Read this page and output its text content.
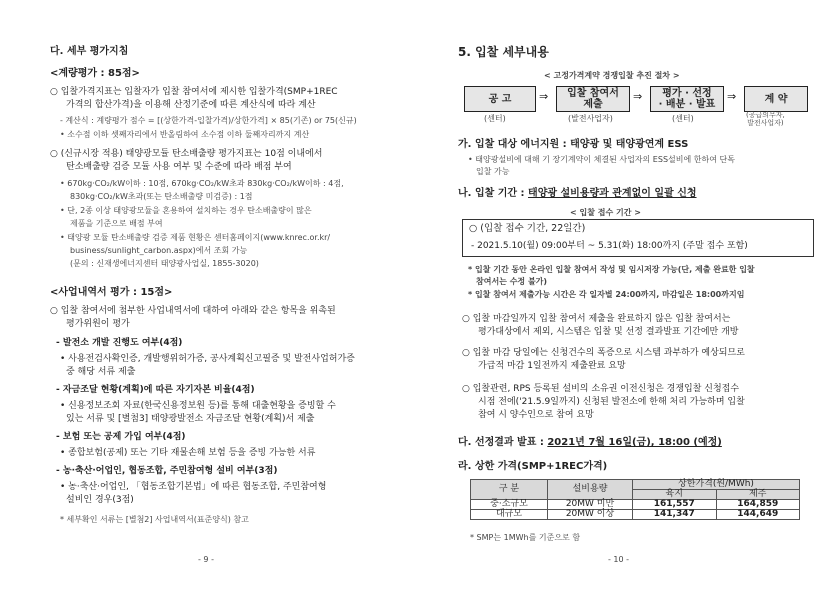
다. 세부 평가지침
<계량평가 : 85점>
○ 입찰가격지표는 입찰자가 입찰 참여서에 제시한 입찰가격(SMP+1REC
가격의 합산가격)을 이용해 산정기준에 따른 계산식에 따라 계산
- 계산식 : 계량평가 점수 = [(상한가격-입찰가격)/상한가격] × 85(기존) or 75(신규)
• 소수점 이하 셋째자리에서 반올림하여 소수점 이하 둘째자리까지 계산
○ (신규시장 적용) 태양광모듈 탄소배출량 평가지표는 10점 이내에서
탄소배출량 검증 모듈 사용 여부 및 수준에 따라 배점 부여
• 670kg·CO₂/kW이하 : 10점, 670kg·CO₂/kW초과 830kg·CO₂/kW이하 : 4점,
830kg·CO₂/kW초과(또는 탄소배출량 미검증) : 1점
• 단, 2종 이상 태양광모듈을 혼용하여 설치하는 경우 탄소배출량이 많은
제품을 기준으로 배점 부여
• 태양광 모듈 탄소배출량 검증 제품 현황은 센터홈페이지(www.knrec.or.kr/
business/sunlight_carbon.aspx)에서 조회 가능
(문의 : 신재생에너지센터 태양광사업실, 1855-3020)
<사업내역서 평가 : 15점>
○ 입찰 참여서에 첨부한 사업내역서에 대하여 아래와 같은 항목을 위촉된
평가위원이 평가
- 발전소 개발 진행도 여부(4점)
• 사용전검사확인증, 개발행위허가증, 공사계획신고필증 및 발전사업허가증
중 해당 서류 제출
- 자금조달 현황(계획)에 따른 자기자본 비율(4점)
• 신용정보조회 자료(한국신용정보원 등)를 통해 대출현황을 증빙할 수
있는 서류 및 [별첨3] 태양광발전소 자금조달 현황(계획)서 제출
- 보험 또는 공제 가입 여부(4점)
• 종합보험(공제) 또는 기타 재물손해 보험 등을 증빙 가능한 서류
- 농·축산·어업인, 협동조합, 주민참여형 설비 여부(3점)
• 농·축산·어업인, 「협동조합기본법」에 따른 협동조합, 주민참여형
설비인 경우(3점)
* 세부확인 서류는 [별첨2] 사업내역서(표준양식) 참고
- 9 -
5. 입찰 세부내용
< 고정가격계약 경쟁입찰 추진 절차 >
공 고	⇒ 입찰 참여서
제출
⇒	평가 · 선정
· 배분 · 발표
⇒	계 약
(센터)	(발전사업자)	(센터)	(공급의무자,
발전사업자)
가. 입찰 대상 에너지원 : 태양광 및 태양광연계 ESS
• 태양광설비에 대해 기 장기계약이 체결된 사업자의 ESS설비에 한하여 단독
입찰 가능
나. 입찰 기간 : 태양광 설비용량과 관계없이 일괄 신청
< 입찰 접수 기간 >
○ (입찰 접수 기간, 22일간)
- 2021.5.10(월) 09:00부터 ~ 5.31(화) 18:00까지 (주말 접수 포함)
* 입찰 기간 동안 온라인 입찰 참여서 작성 및 임시저장 가능(단, 제출 완료한 입찰
참여서는 수정 불가)
* 입찰 참여서 제출가능 시간은 각 일자별 24:00까지, 마감일은 18:00까지임
○ 입찰 마감일까지 입찰 참여서 제출을 완료하지 않은 입찰 참여서는
평가대상에서 제외, 시스템은 입찰 및 선정 결과발표 기간에만 개방
○ 입찰 마감 당일에는 신청건수의 폭증으로 시스템 과부하가 예상되므로
가급적 마감 1일전까지 제출완료 요망
○ 입찰관련, RPS 등록된 설비의 소유권 이전신청은 경쟁입찰 신청접수
시점 전에('21.5.9일까지) 신청된 발전소에 한해 처리 가능하며 입찰
참여 시 양수인으로 참여 요망
다. 선정결과 발표 : 2021년 7월 16일(금), 18:00 (예정)
라. 상한 가격(SMP+1REC가격)
구 분	설비용량	상한가격(원/MWh)	
		육지	제주
중·소규모	20MW 미만	161,557	164,859
대규모	20MW 이상	141,347	144,649
* SMP는 1MWh를 기준으로 함
- 10 -
